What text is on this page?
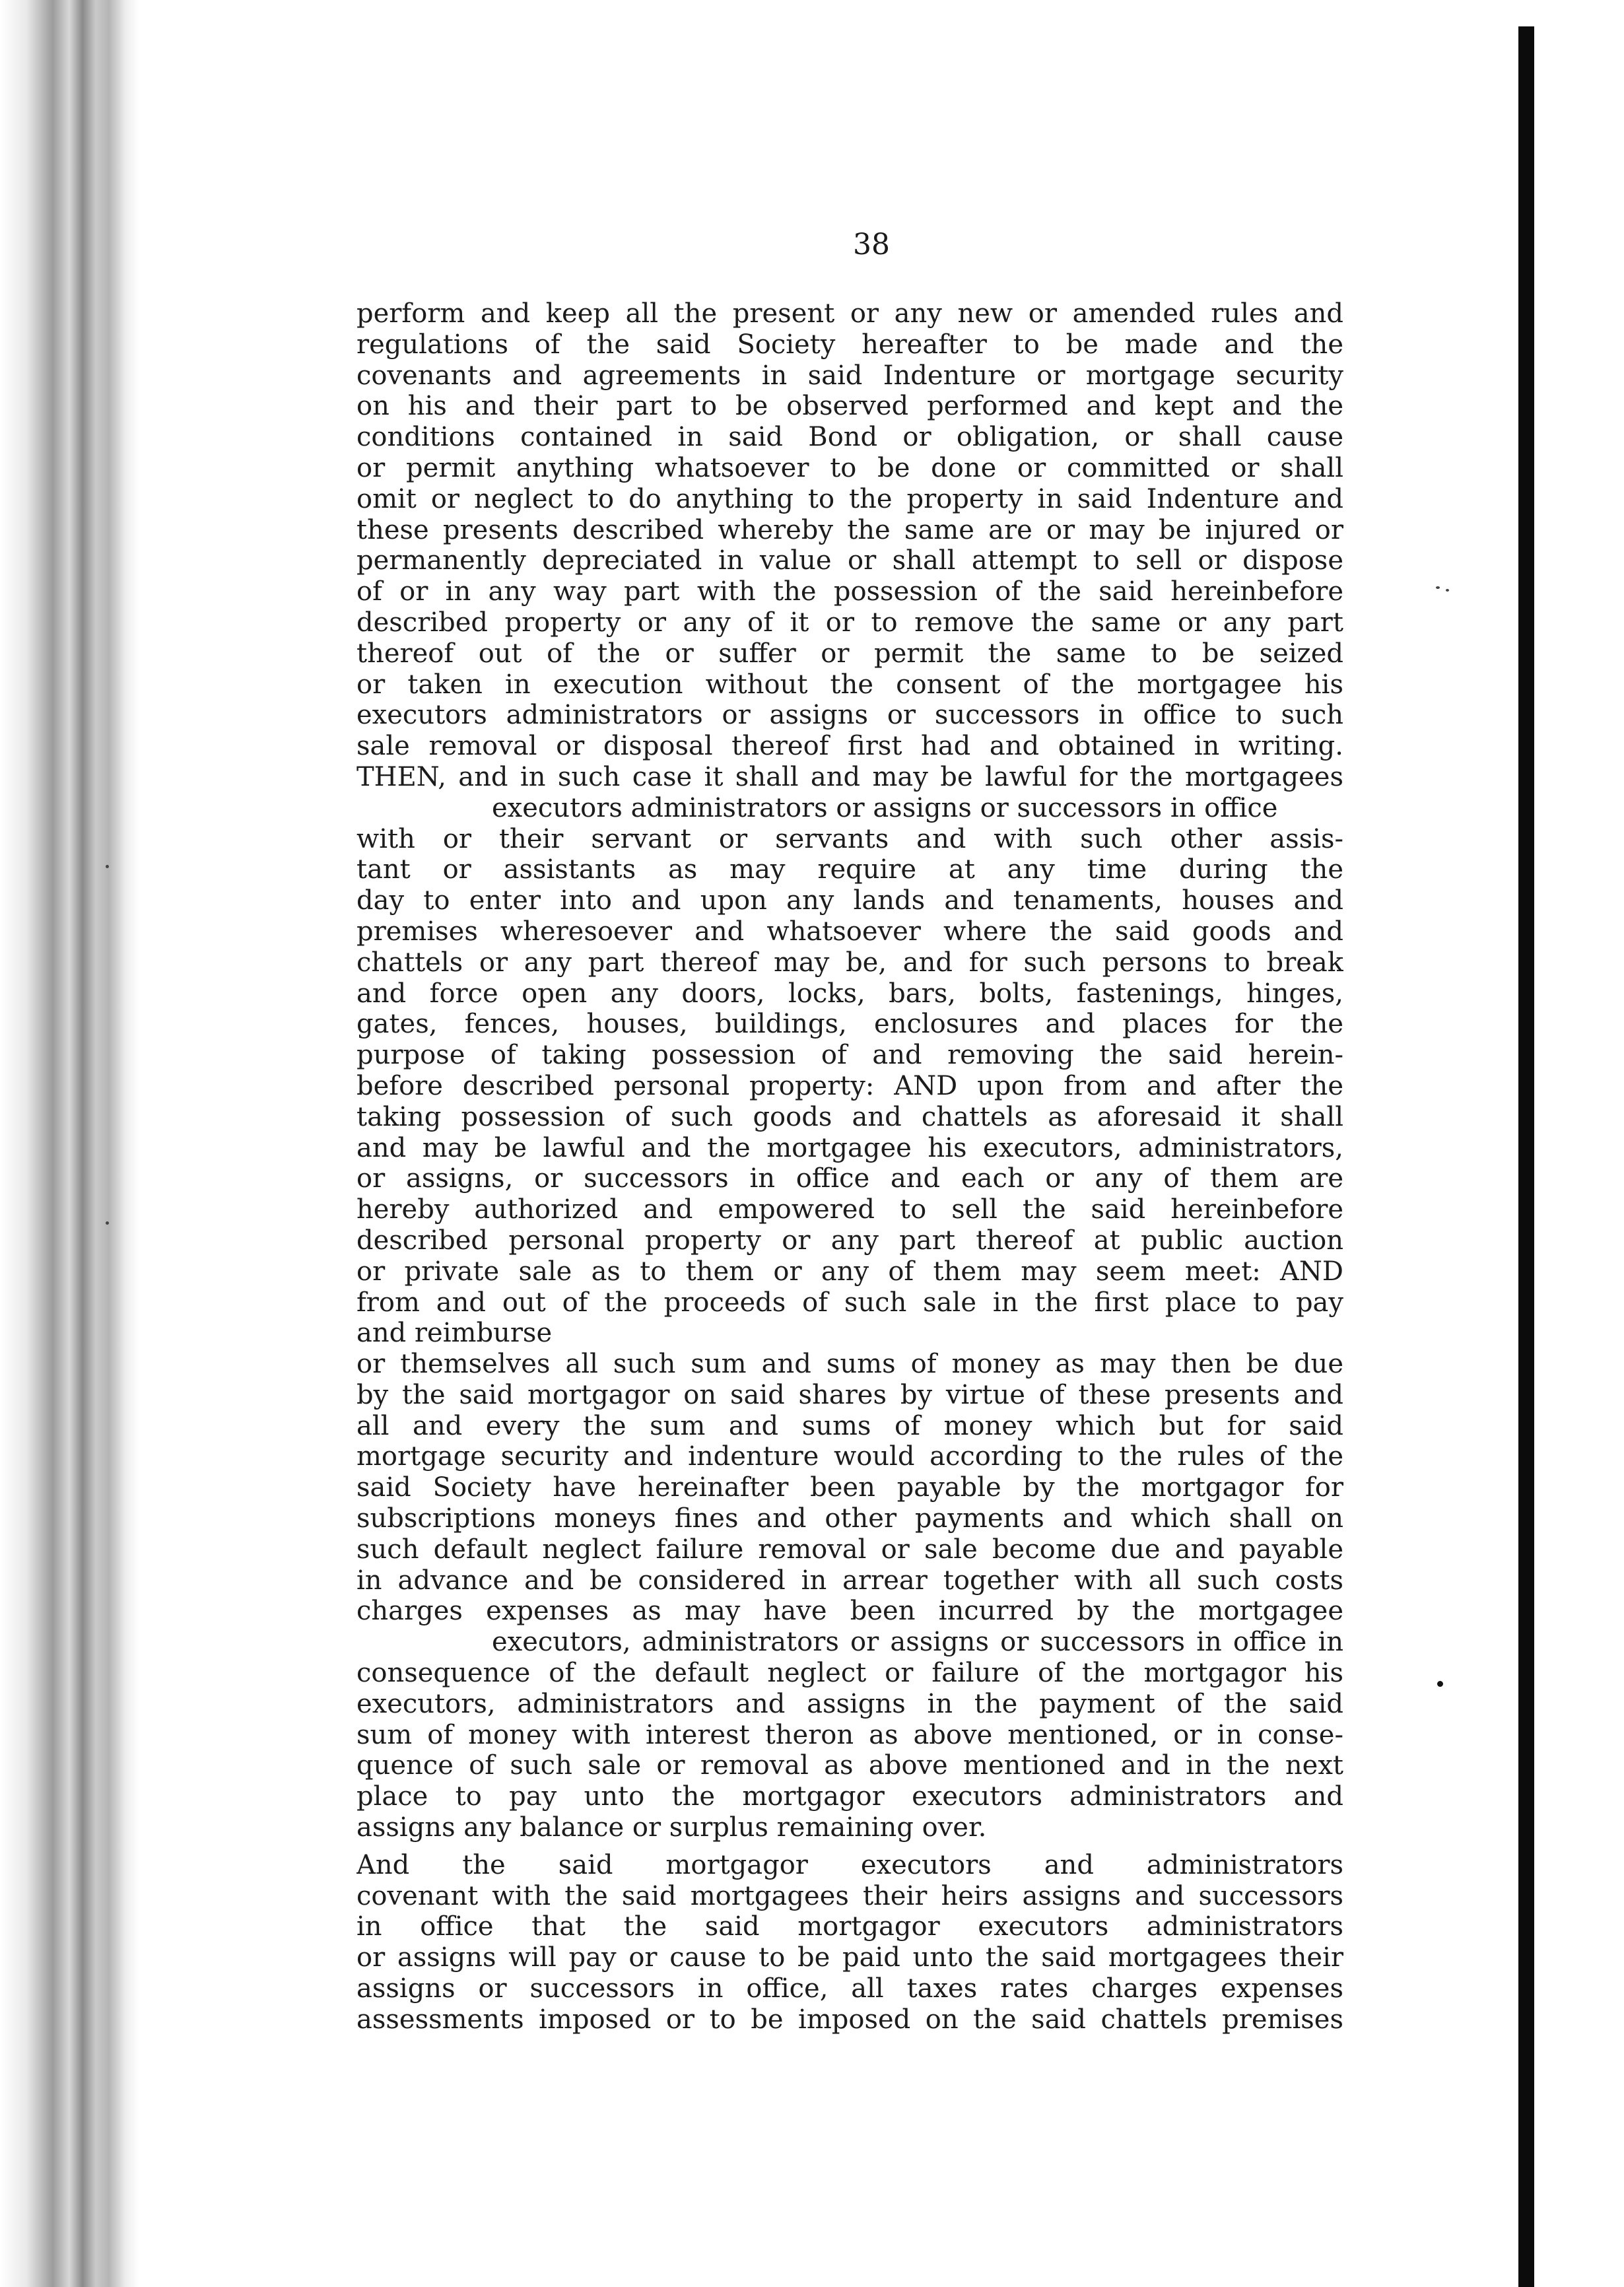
38
perform and keep all the present or any new or amended rules and
regulations of the said Society hereafter to be made and the
covenants and agreements in said Indenture or mortgage security
on his and their part to be observed performed and kept and the
conditions contained in said Bond or obligation, or shall cause
or permit anything whatsoever to be done or committed or shall
omit or neglect to do anything to the property in said Indenture and
these presents described whereby the same are or may be injured or
permanently depreciated in value or shall attempt to sell or dispose
of or in any way part with the possession of the said hereinbefore
described property or any of it or to remove the same or any part
thereof out of the or suffer or permit the same to be seized
or taken in execution without the consent of the mortgagee his
executors administrators or assigns or successors in office to such
sale removal or disposal thereof first had and obtained in writing.
THEN, and in such case it shall and may be lawful for the mortgagees
executors administrators or assigns or successors in office
with or their servant or servants and with such other assis-
tant or assistants as may require at any time during the
day to enter into and upon any lands and tenaments, houses and
premises wheresoever and whatsoever where the said goods and
chattels or any part thereof may be, and for such persons to break
and force open any doors, locks, bars, bolts, fastenings, hinges,
gates, fences, houses, buildings, enclosures and places for the
purpose of taking possession of and removing the said herein-
before described personal property: AND upon from and after the
taking possession of such goods and chattels as aforesaid it shall
and may be lawful and the mortgagee his executors, administrators,
or assigns, or successors in office and each or any of them are
hereby authorized and empowered to sell the said hereinbefore
described personal property or any part thereof at public auction
or private sale as to them or any of them may seem meet: AND
from and out of the proceeds of such sale in the first place to pay
and reimburse
or themselves all such sum and sums of money as may then be due
by the said mortgagor on said shares by virtue of these presents and
all and every the sum and sums of money which but for said
mortgage security and indenture would according to the rules of the
said Society have hereinafter been payable by the mortgagor for
subscriptions moneys fines and other payments and which shall on
such default neglect failure removal or sale become due and payable
in advance and be considered in arrear together with all such costs
charges expenses as may have been incurred by the mortgagee
executors, administrators or assigns or successors in office in
consequence of the default neglect or failure of the mortgagor his
executors, administrators and assigns in the payment of the said
sum of money with interest theron as above mentioned, or in conse-
quence of such sale or removal as above mentioned and in the next
place to pay unto the mortgagor executors administrators and
assigns any balance or surplus remaining over.
And the said mortgagor executors and administrators
covenant with the said mortgagees their heirs assigns and successors
in office that the said mortgagor executors administrators
or assigns will pay or cause to be paid unto the said mortgagees their
assigns or successors in office, all taxes rates charges expenses
assessments imposed or to be imposed on the said chattels premises
